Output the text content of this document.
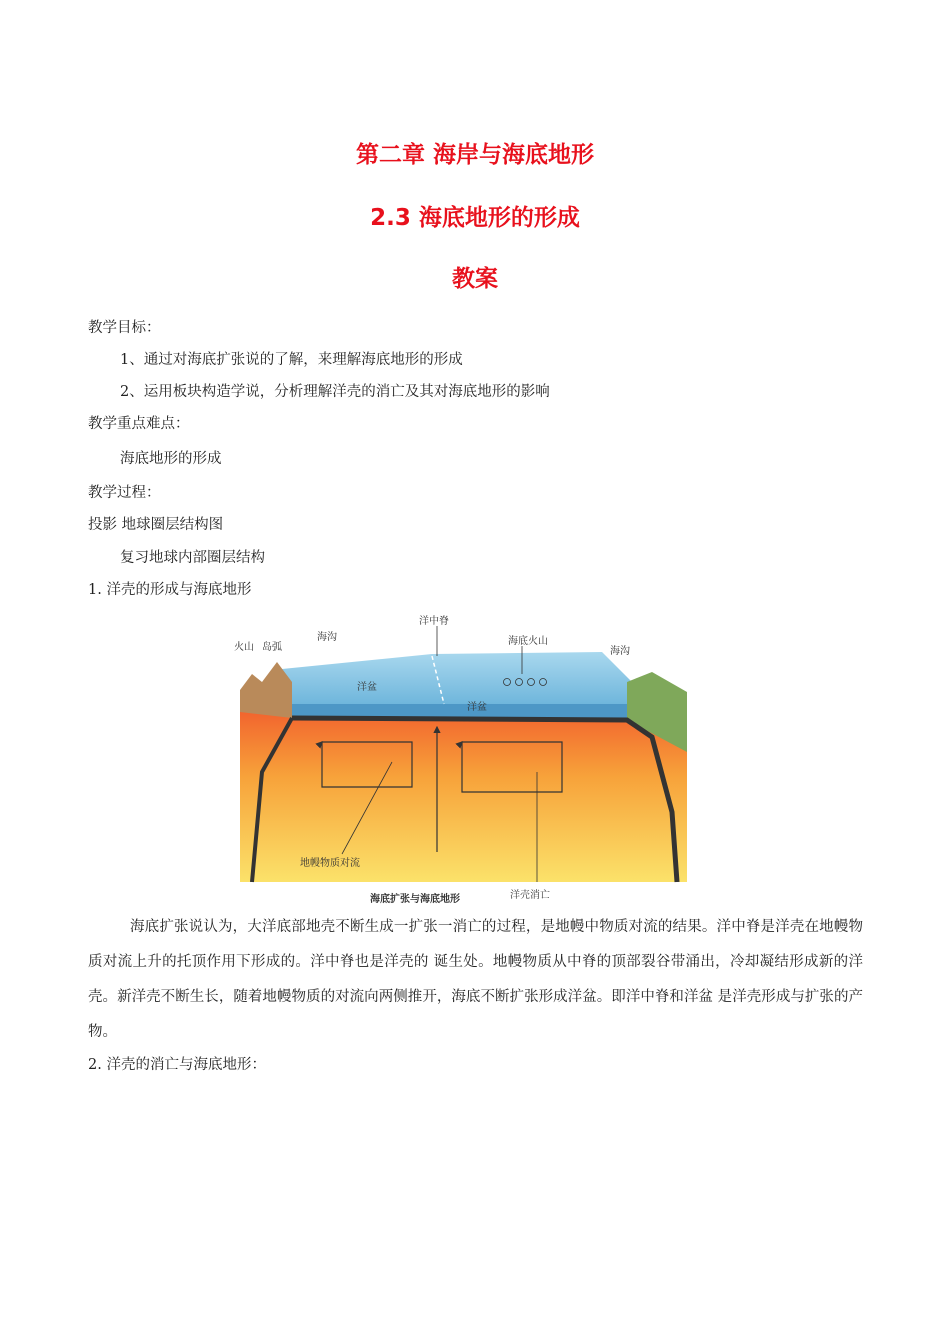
第二章 海岸与海底地形
2.3 海底地形的形成
教案
教学目标：
1、通过对海底扩张说的了解，来理解海底地形的形成
2、运用板块构造学说，分析理解洋壳的消亡及其对海底地形的影响
教学重点难点：
海底地形的形成
教学过程：
投影 地球圈层结构图
复习地球内部圈层结构
1. 洋壳的形成与海底地形
火山 岛弧
海沟
洋中脊
海底火山
海沟
洋盆
洋盆
地幔物质对流
洋壳消亡
海底扩张与海底地形
海底扩张说认为，大洋底部地壳不断生成一扩张一消亡的过程，是地幔中物质对流的结果。洋中脊是洋壳在地幔物质对流上升的托顶作用下形成的。洋中脊也是洋壳的 诞生处。地幔物质从中脊的顶部裂谷带涌出，冷却凝结形成新的洋壳。新洋壳不断生长，随着地幔物质的对流向两侧推开，海底不断扩张形成洋盆。即洋中脊和洋盆 是洋壳形成与扩张的产物。
2. 洋壳的消亡与海底地形：
